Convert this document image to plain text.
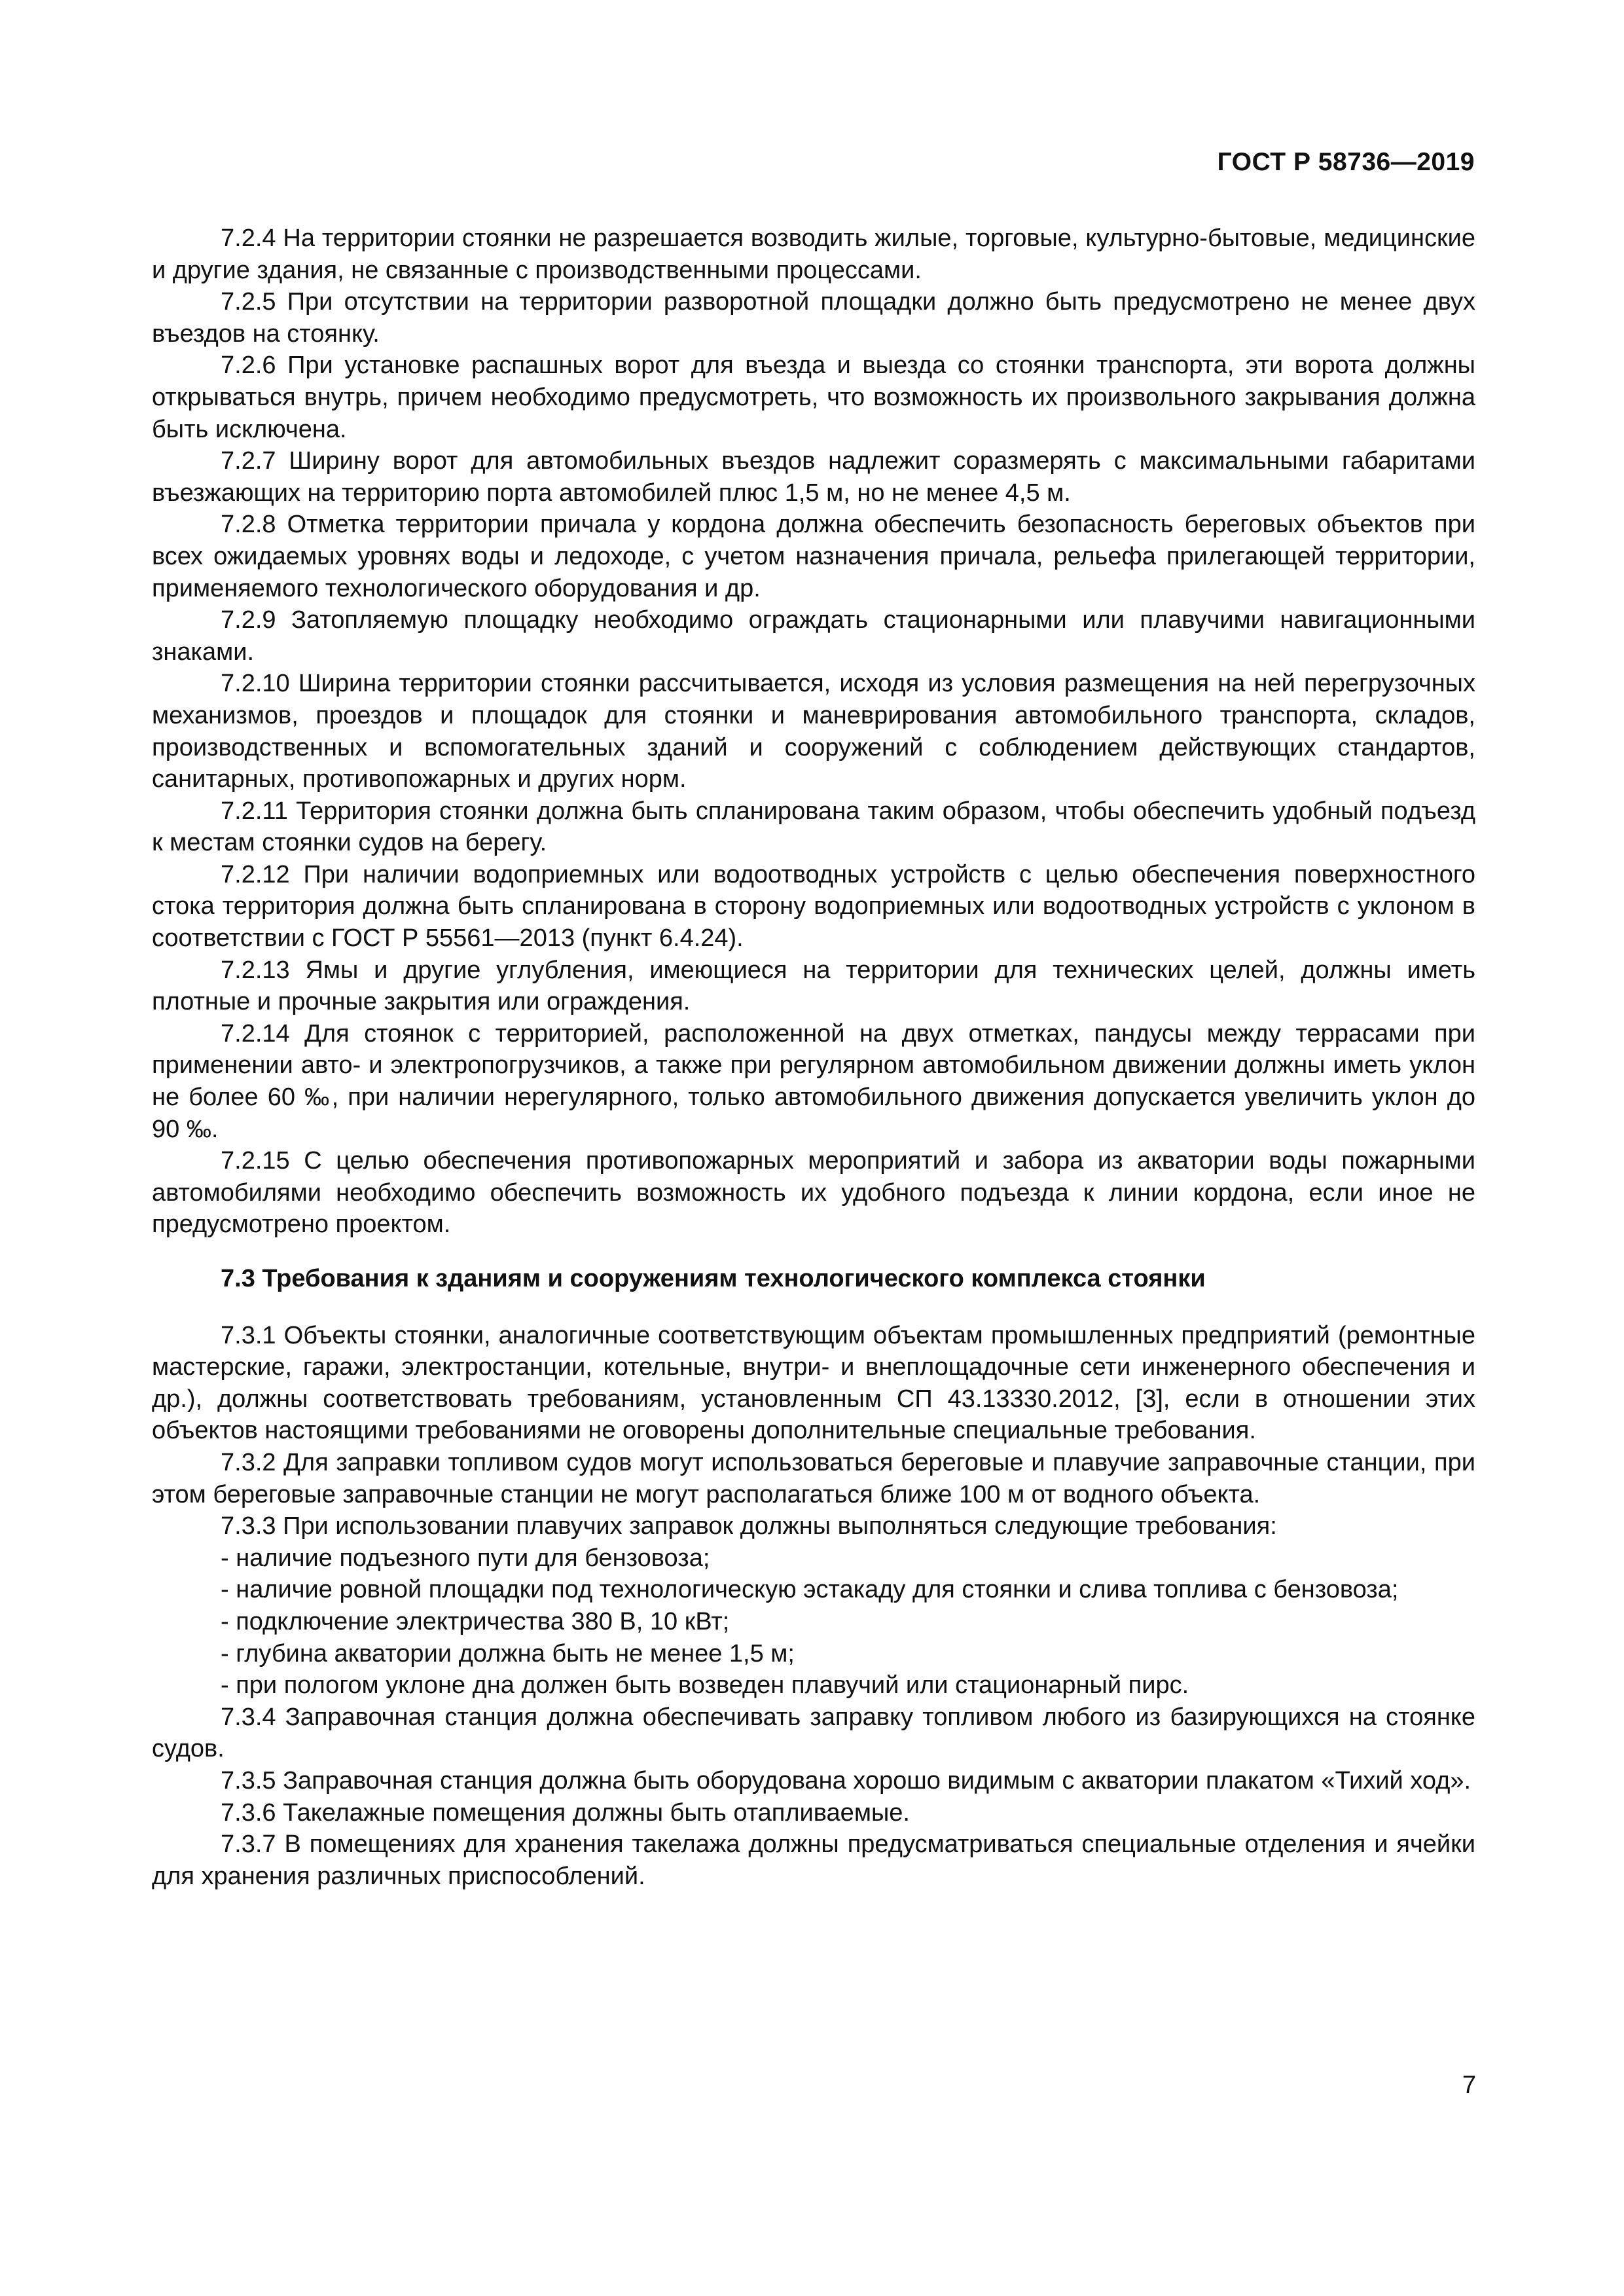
ГОСТ Р 58736—2019

7.2.4 На территории стоянки не разрешается возводить жилые, торговые, культурно-бытовые, медицинские и другие здания, не связанные с производственными процессами.

7.2.5 При отсутствии на территории разворотной площадки должно быть предусмотрено не менее двух въездов на стоянку.

7.2.6 При установке распашных ворот для въезда и выезда со стоянки транспорта, эти ворота должны открываться внутрь, причем необходимо предусмотреть, что возможность их произвольного закрывания должна быть исключена.

7.2.7 Ширину ворот для автомобильных въездов надлежит соразмерять с максимальными габаритами въезжающих на территорию порта автомобилей плюс 1,5 м, но не менее 4,5 м.

7.2.8 Отметка территории причала у кордона должна обеспечить безопасность береговых объектов при всех ожидаемых уровнях воды и ледоходе, с учетом назначения причала, рельефа прилегающей территории, применяемого технологического оборудования и др.

7.2.9 Затопляемую площадку необходимо ограждать стационарными или плавучими навигационными знаками.

7.2.10 Ширина территории стоянки рассчитывается, исходя из условия размещения на ней перегрузочных механизмов, проездов и площадок для стоянки и маневрирования автомобильного транспорта, складов, производственных и вспомогательных зданий и сооружений с соблюдением действующих стандартов, санитарных, противопожарных и других норм.

7.2.11 Территория стоянки должна быть спланирована таким образом, чтобы обеспечить удобный подъезд к местам стоянки судов на берегу.

7.2.12 При наличии водоприемных или водоотводных устройств с целью обеспечения поверхностного стока территория должна быть спланирована в сторону водоприемных или водоотводных устройств с уклоном в соответствии с ГОСТ Р 55561—2013 (пункт 6.4.24).

7.2.13 Ямы и другие углубления, имеющиеся на территории для технических целей, должны иметь плотные и прочные закрытия или ограждения.

7.2.14 Для стоянок с территорией, расположенной на двух отметках, пандусы между террасами при применении авто- и электропогрузчиков, а также при регулярном автомобильном движении должны иметь уклон не более 60 ‰, при наличии нерегулярного, только автомобильного движения допускается увеличить уклон до 90 ‰.

7.2.15 С целью обеспечения противопожарных мероприятий и забора из акватории воды пожарными автомобилями необходимо обеспечить возможность их удобного подъезда к линии кордона, если иное не предусмотрено проектом.

7.3 Требования к зданиям и сооружениям технологического комплекса стоянки

7.3.1 Объекты стоянки, аналогичные соответствующим объектам промышленных предприятий (ремонтные мастерские, гаражи, электростанции, котельные, внутри- и внеплощадочные сети инженерного обеспечения и др.), должны соответствовать требованиям, установленным СП 43.13330.2012, [3], если в отношении этих объектов настоящими требованиями не оговорены дополнительные специальные требования.

7.3.2 Для заправки топливом судов могут использоваться береговые и плавучие заправочные станции, при этом береговые заправочные станции не могут располагаться ближе 100 м от водного объекта.

7.3.3 При использовании плавучих заправок должны выполняться следующие требования:

- наличие подъезного пути для бензовоза;

- наличие ровной площадки под технологическую эстакаду для стоянки и слива топлива с бензовоза;

- подключение электричества 380 В, 10 кВт;

- глубина акватории должна быть не менее 1,5 м;

- при пологом уклоне дна должен быть возведен плавучий или стационарный пирс.

7.3.4 Заправочная станция должна обеспечивать заправку топливом любого из базирующихся на стоянке судов.

7.3.5 Заправочная станция должна быть оборудована хорошо видимым с акватории плакатом «Тихий ход».

7.3.6 Такелажные помещения должны быть отапливаемые.

7.3.7 В помещениях для хранения такелажа должны предусматриваться специальные отделения и ячейки для хранения различных приспособлений.

7
